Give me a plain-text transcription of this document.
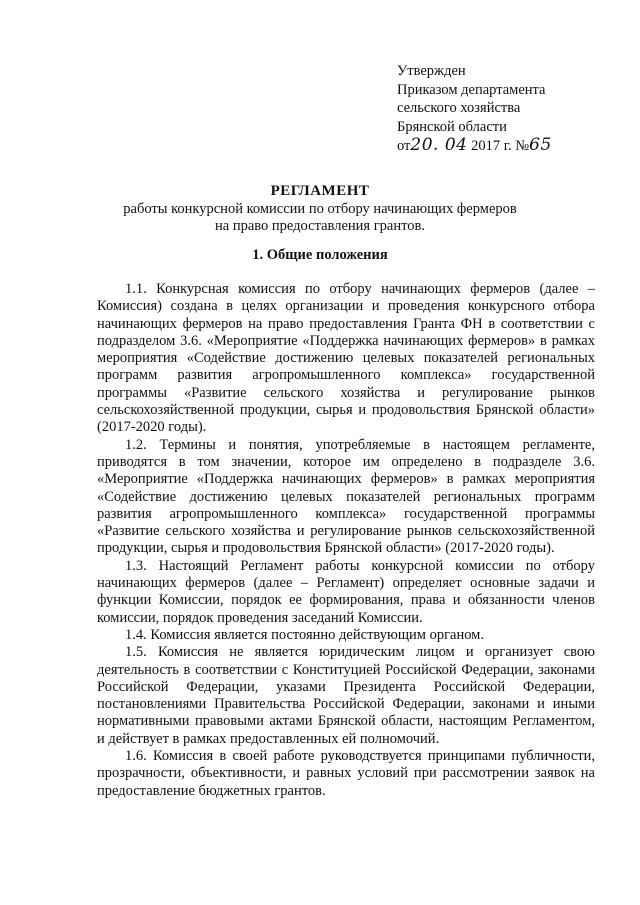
Утвержден
Приказом департамента
сельского хозяйства
Брянской области
от20. 04 2017 г. №65
РЕГЛАМЕНТ
работы конкурсной комиссии по отбору начинающих фермеров
на право предоставления грантов.
1. Общие положения

1.1. Конкурсная комиссия по отбору начинающих фермеров (далее – Комиссия) создана в целях организации и проведения конкурсного отбора начинающих фермеров на право предоставления Гранта ФН в соответствии с подразделом 3.6. «Мероприятие «Поддержка начинающих фермеров» в рамках мероприятия «Содействие достижению целевых показателей региональных программ развития агропромышленного комплекса» государственной программы «Развитие сельского хозяйства и регулирование рынков сельскохозяйственной продукции, сырья и продовольствия Брянской области» (2017-2020 годы).

1.2. Термины и понятия, употребляемые в настоящем регламенте, приводятся в том значении, которое им определено в подразделе 3.6. «Мероприятие «Поддержка начинающих фермеров» в рамках мероприятия «Содействие достижению целевых показателей региональных программ развития агропромышленного комплекса» государственной программы «Развитие сельского хозяйства и регулирование рынков сельскохозяйственной продукции, сырья и продовольствия Брянской области» (2017-2020 годы).

1.3. Настоящий Регламент работы конкурсной комиссии по отбору начинающих фермеров (далее – Регламент) определяет основные задачи и функции Комиссии, порядок ее формирования, права и обязанности членов комиссии, порядок проведения заседаний Комиссии.

1.4. Комиссия является постоянно действующим органом.

1.5. Комиссия не является юридическим лицом и организует свою деятельность в соответствии с Конституцией Российской Федерации, законами Российской Федерации, указами Президента Российской Федерации, постановлениями Правительства Российской Федерации, законами и иными нормативными правовыми актами Брянской области, настоящим Регламентом, и действует в рамках предоставленных ей полномочий.

1.6. Комиссия в своей работе руководствуется принципами публичности, прозрачности, объективности, и равных условий при рассмотрении заявок на предоставление бюджетных грантов.
